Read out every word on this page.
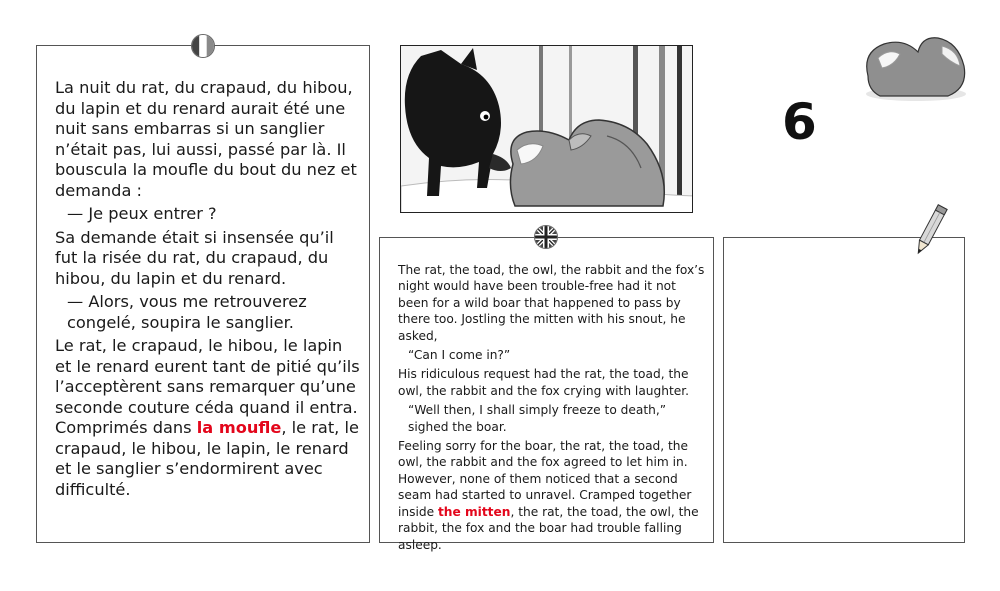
La nuit du rat, du crapaud, du hibou, du lapin et du renard aurait été une nuit sans embarras si un sanglier n’était pas, lui aussi, passé par là. Il bouscula la moufle du bout du nez et demanda :

— Je peux entrer ?

Sa demande était si insensée qu’il fut la risée du rat, du crapaud, du hibou, du lapin et du renard.

— Alors, vous me retrouverez congelé, soupira le sanglier.

Le rat, le crapaud, le hibou, le lapin et le renard eurent tant de pitié qu’ils l’acceptèrent sans remarquer qu’une seconde couture céda quand il entra. Comprimés dans la moufle, le rat, le crapaud, le hibou, le lapin, le renard et le sanglier s’endormirent avec difficulté.

6

The rat, the toad, the owl, the rabbit and the fox’s night would have been trouble-free had it not been for a wild boar that happened to pass by there too. Jostling the mitten with his snout, he asked,

“Can I come in?”

His ridiculous request had the rat, the toad, the owl, the rabbit and the fox crying with laughter.

“Well then, I shall simply freeze to death,” sighed the boar.

Feeling sorry for the boar, the rat, the toad, the owl, the rabbit and the fox agreed to let him in. However, none of them noticed that a second seam had started to unravel. Cramped together inside the mitten, the rat, the toad, the owl, the rabbit, the fox and the boar had trouble falling asleep.
